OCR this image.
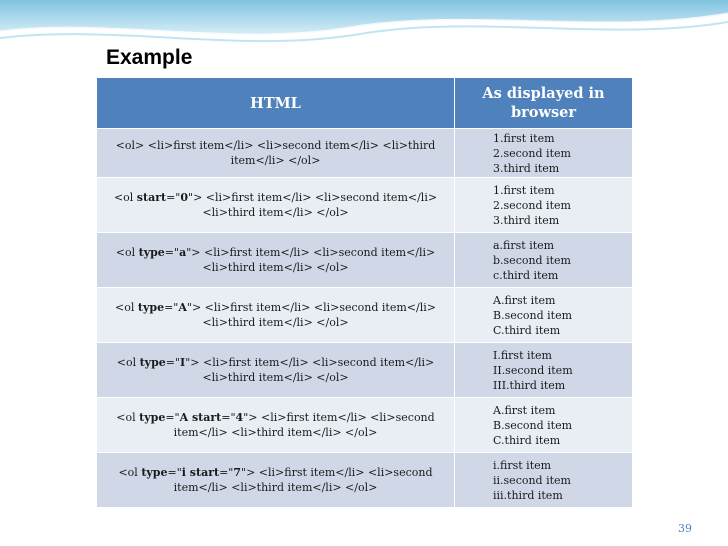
Example
HTML	As displayed in browser
<ol> <li>first item</li> <li>second item</li> <li>third item</li> </ol>	1.first item
2.second item
3.third item

<ol start="0"> <li>first item</li> <li>second item</li> <li>third item</li> </ol>	1.first item
2.second item
3.third item

<ol type="a"> <li>first item</li> <li>second item</li> <li>third item</li> </ol>	a.first item
b.second item
c.third item

<ol type="A"> <li>first item</li> <li>second item</li> <li>third item</li> </ol>	A.first item
B.second item
C.third item

<ol type="I"> <li>first item</li> <li>second item</li> <li>third item</li> </ol>	I.first item
II.second item
III.third item

<ol type="A start="4"> <li>first item</li> <li>second item</li> <li>third item</li> </ol>	A.first item
B.second item
C.third item

<ol type="i start="7"> <li>first item</li> <li>second item</li> <li>third item</li> </ol>	i.first item
ii.second item
iii.third item
39
